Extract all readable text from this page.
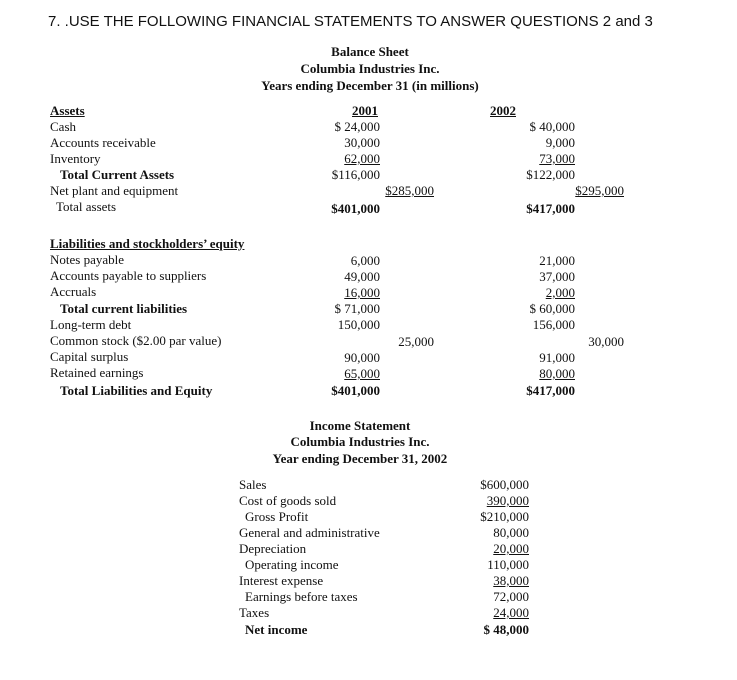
7. .USE THE FOLLOWING FINANCIAL STATEMENTS TO ANSWER QUESTIONS 2 and 3
Balance Sheet
Columbia Industries Inc.
Years ending December 31 (in millions)
Assets	2001	2002
Cash	$ 24,000	$ 40,000
Accounts receivable	30,000	9,000
Inventory	62,000	73,000
Total Current Assets	$116,000	$122,000
Net plant and equipment	$285,000	$295,000
Total assets	$401,000	$417,000
Liabilities and stockholders’ equity
Notes payable	6,000	21,000
Accounts payable to suppliers	49,000	37,000
Accruals	16,000	2,000
Total current liabilities	$ 71,000	$ 60,000
Long-term debt	150,000	156,000
Common stock ($2.00 par value)	25,000	30,000
Capital surplus	90,000	91,000
Retained earnings	65,000	80,000
Total Liabilities and Equity	$401,000	$417,000
Income Statement
Columbia Industries Inc.
Year ending December 31, 2002
Sales	$600,000
Cost of goods sold	390,000
Gross Profit	$210,000
General and administrative	80,000
Depreciation	20,000
Operating income	110,000
Interest expense	38,000
Earnings before taxes	72,000
Taxes	24,000
Net income	$ 48,000
